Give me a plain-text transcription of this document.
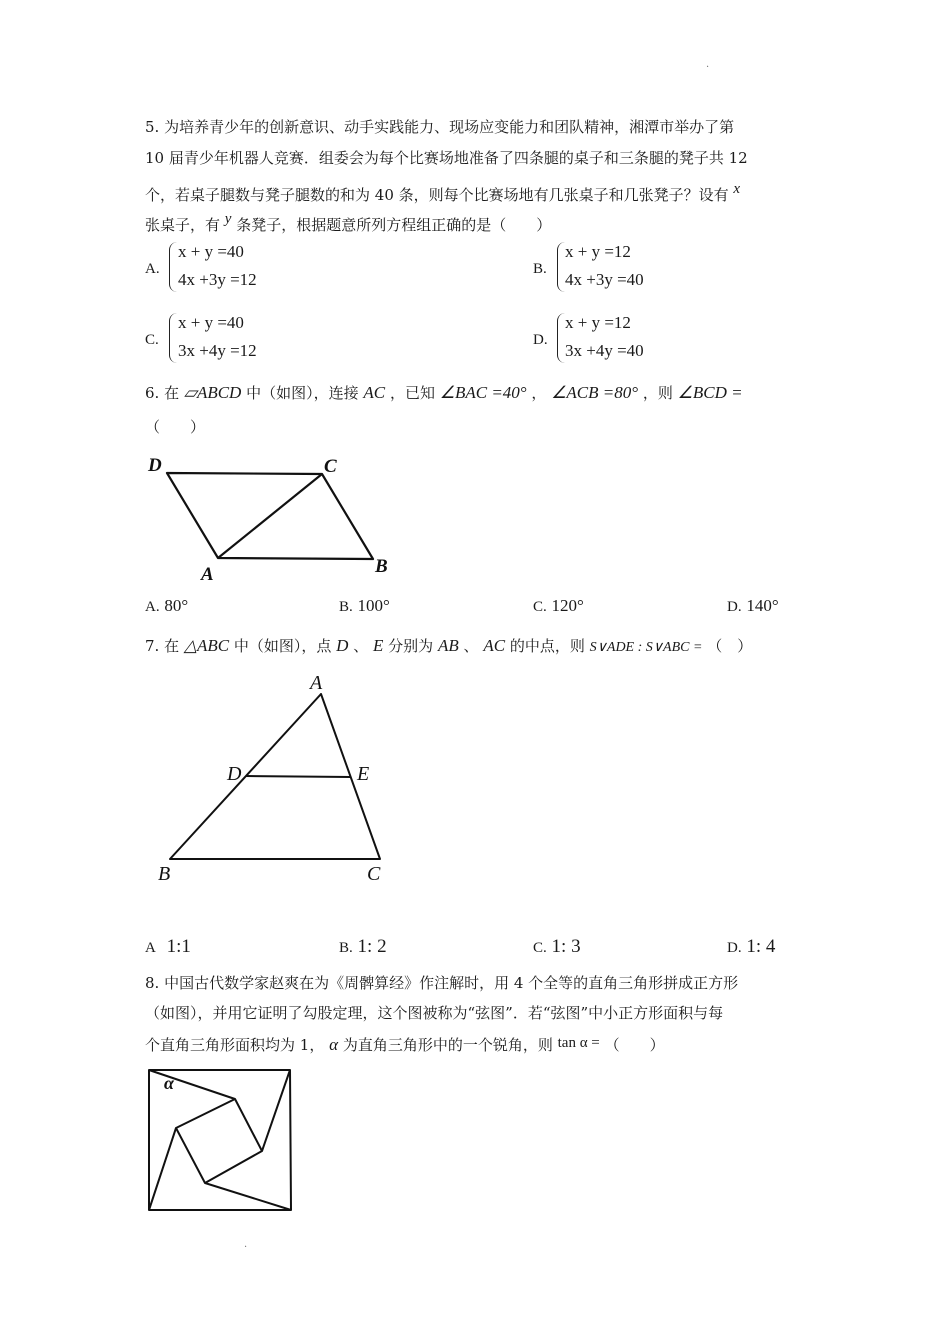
·
5. 为培养青少年的创新意识、动手实践能力、现场应变能力和团队精神，湘潭市举办了第
10 届青少年机器人竞赛．组委会为每个比赛场地准备了四条腿的桌子和三条腿的凳子共 12
个，若桌子腿数与凳子腿数的和为 40 条，则每个比赛场地有几张桌子和几张凳子？设有 x
张桌子，有 y 条凳子，根据题意所列方程组正确的是（　　）
A.
x + y =40
4x +3y =12
B.
x + y =12
4x +3y =40
C.
x + y =40
3x +4y =12
D.
x + y =12
3x +4y =40
6. 在 ▱ABCD 中（如图），连接 AC ，已知 ∠BAC =40° ， ∠ACB =80° ，则 ∠BCD =
（　　）
D	C
A	B
A. 80°	B. 100°	C. 120°	D. 140°
7. 在 △ABC 中（如图），点 D 、 E 分别为 AB 、 AC 的中点，则 S∨ADE : S∨ABC = （　）
A
D	E
B	C
A 1:1	B. 1: 2	C. 1: 3	D. 1: 4
8. 中国古代数学家赵爽在为《周髀算经》作注解时，用 4 个全等的直角三角形拼成正方形
（如图），并用它证明了勾股定理，这个图被称为“弦图”．若“弦图”中小正方形面积与每
个直角三角形面积均为 1， α 为直角三角形中的一个锐角，则 tan α = （　　）
α
·
